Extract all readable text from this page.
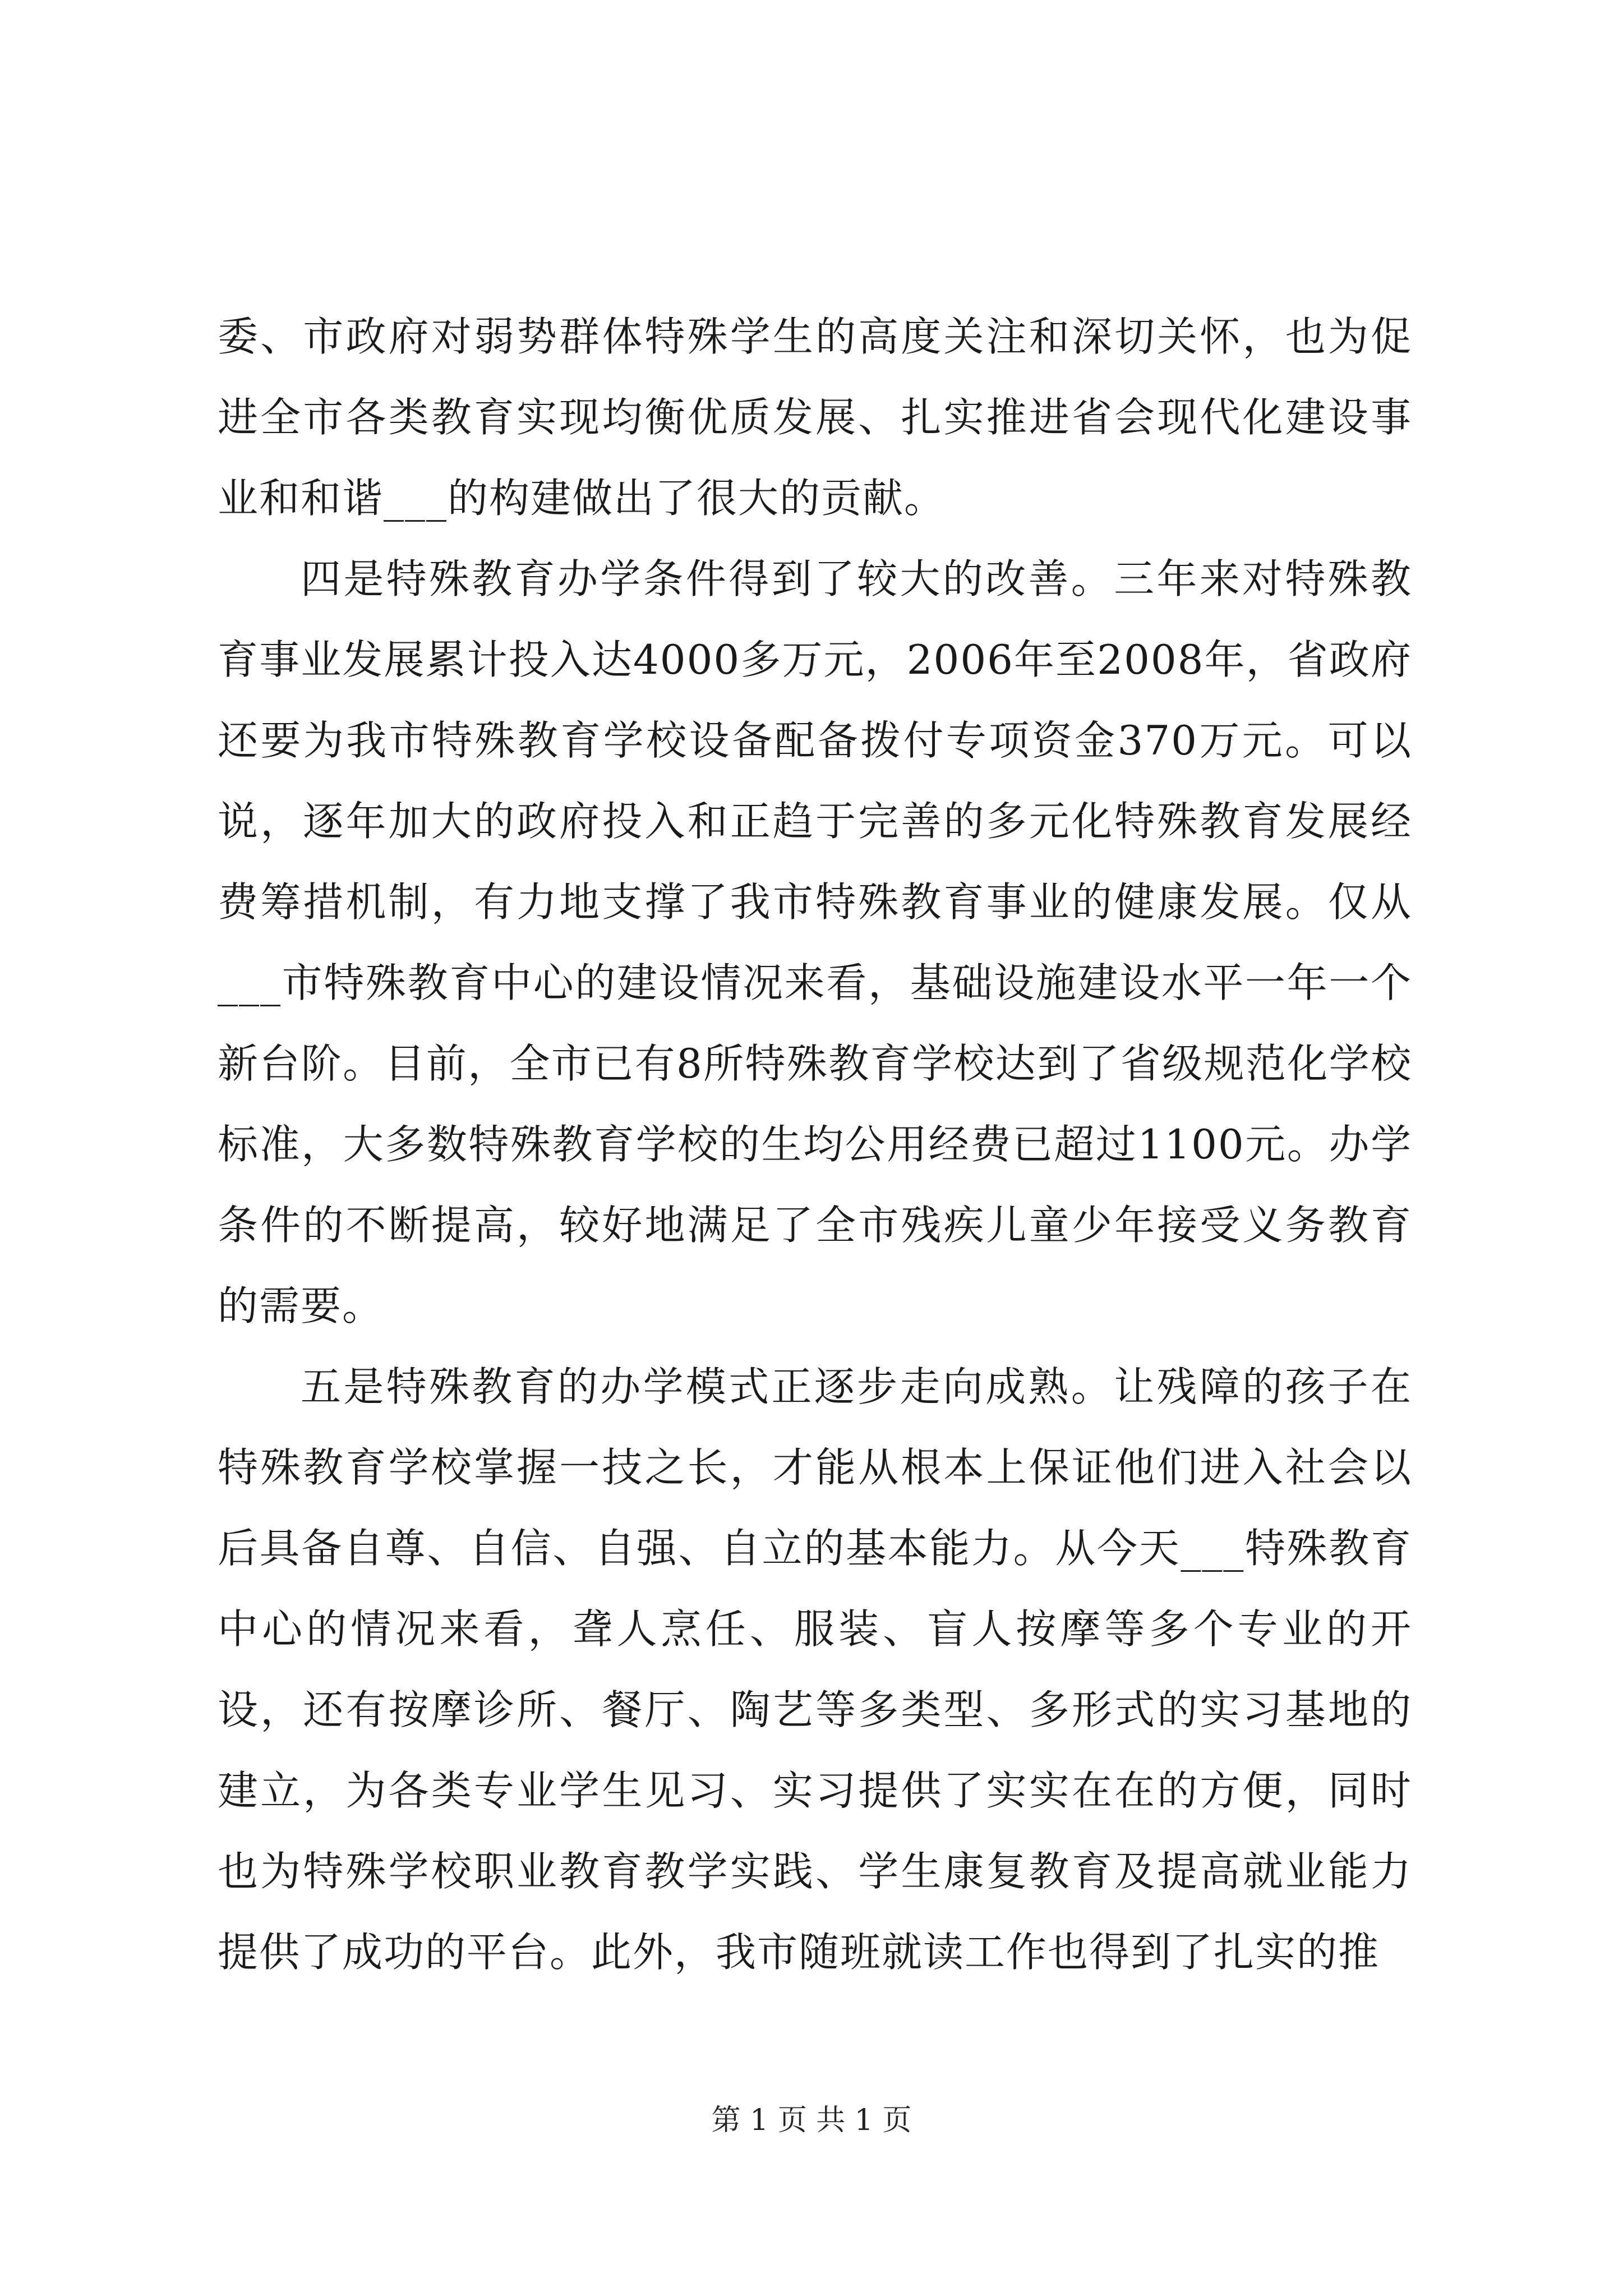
委、市政府对弱势群体特殊学生的高度关注和深切关怀，也为促进全市各类教育实现均衡优质发展、扎实推进省会现代化建设事业和和谐___的构建做出了很大的贡献。

四是特殊教育办学条件得到了较大的改善。三年来对特殊教育事业发展累计投入达4000多万元，2006年至2008年，省政府还要为我市特殊教育学校设备配备拨付专项资金370万元。可以说，逐年加大的政府投入和正趋于完善的多元化特殊教育发展经费筹措机制，有力地支撑了我市特殊教育事业的健康发展。仅从___市特殊教育中心的建设情况来看，基础设施建设水平一年一个新台阶。目前，全市已有8所特殊教育学校达到了省级规范化学校标准，大多数特殊教育学校的生均公用经费已超过1100元。办学条件的不断提高，较好地满足了全市残疾儿童少年接受义务教育的需要。

五是特殊教育的办学模式正逐步走向成熟。让残障的孩子在特殊教育学校掌握一技之长，才能从根本上保证他们进入社会以后具备自尊、自信、自强、自立的基本能力。从今天___特殊教育中心的情况来看，聋人烹任、服装、盲人按摩等多个专业的开设，还有按摩诊所、餐厅、陶艺等多类型、多形式的实习基地的建立，为各类专业学生见习、实习提供了实实在在的方便，同时也为特殊学校职业教育教学实践、学生康复教育及提高就业能力提供了成功的平台。此外，我市随班就读工作也得到了扎实的推

第 1 页 共 1 页
